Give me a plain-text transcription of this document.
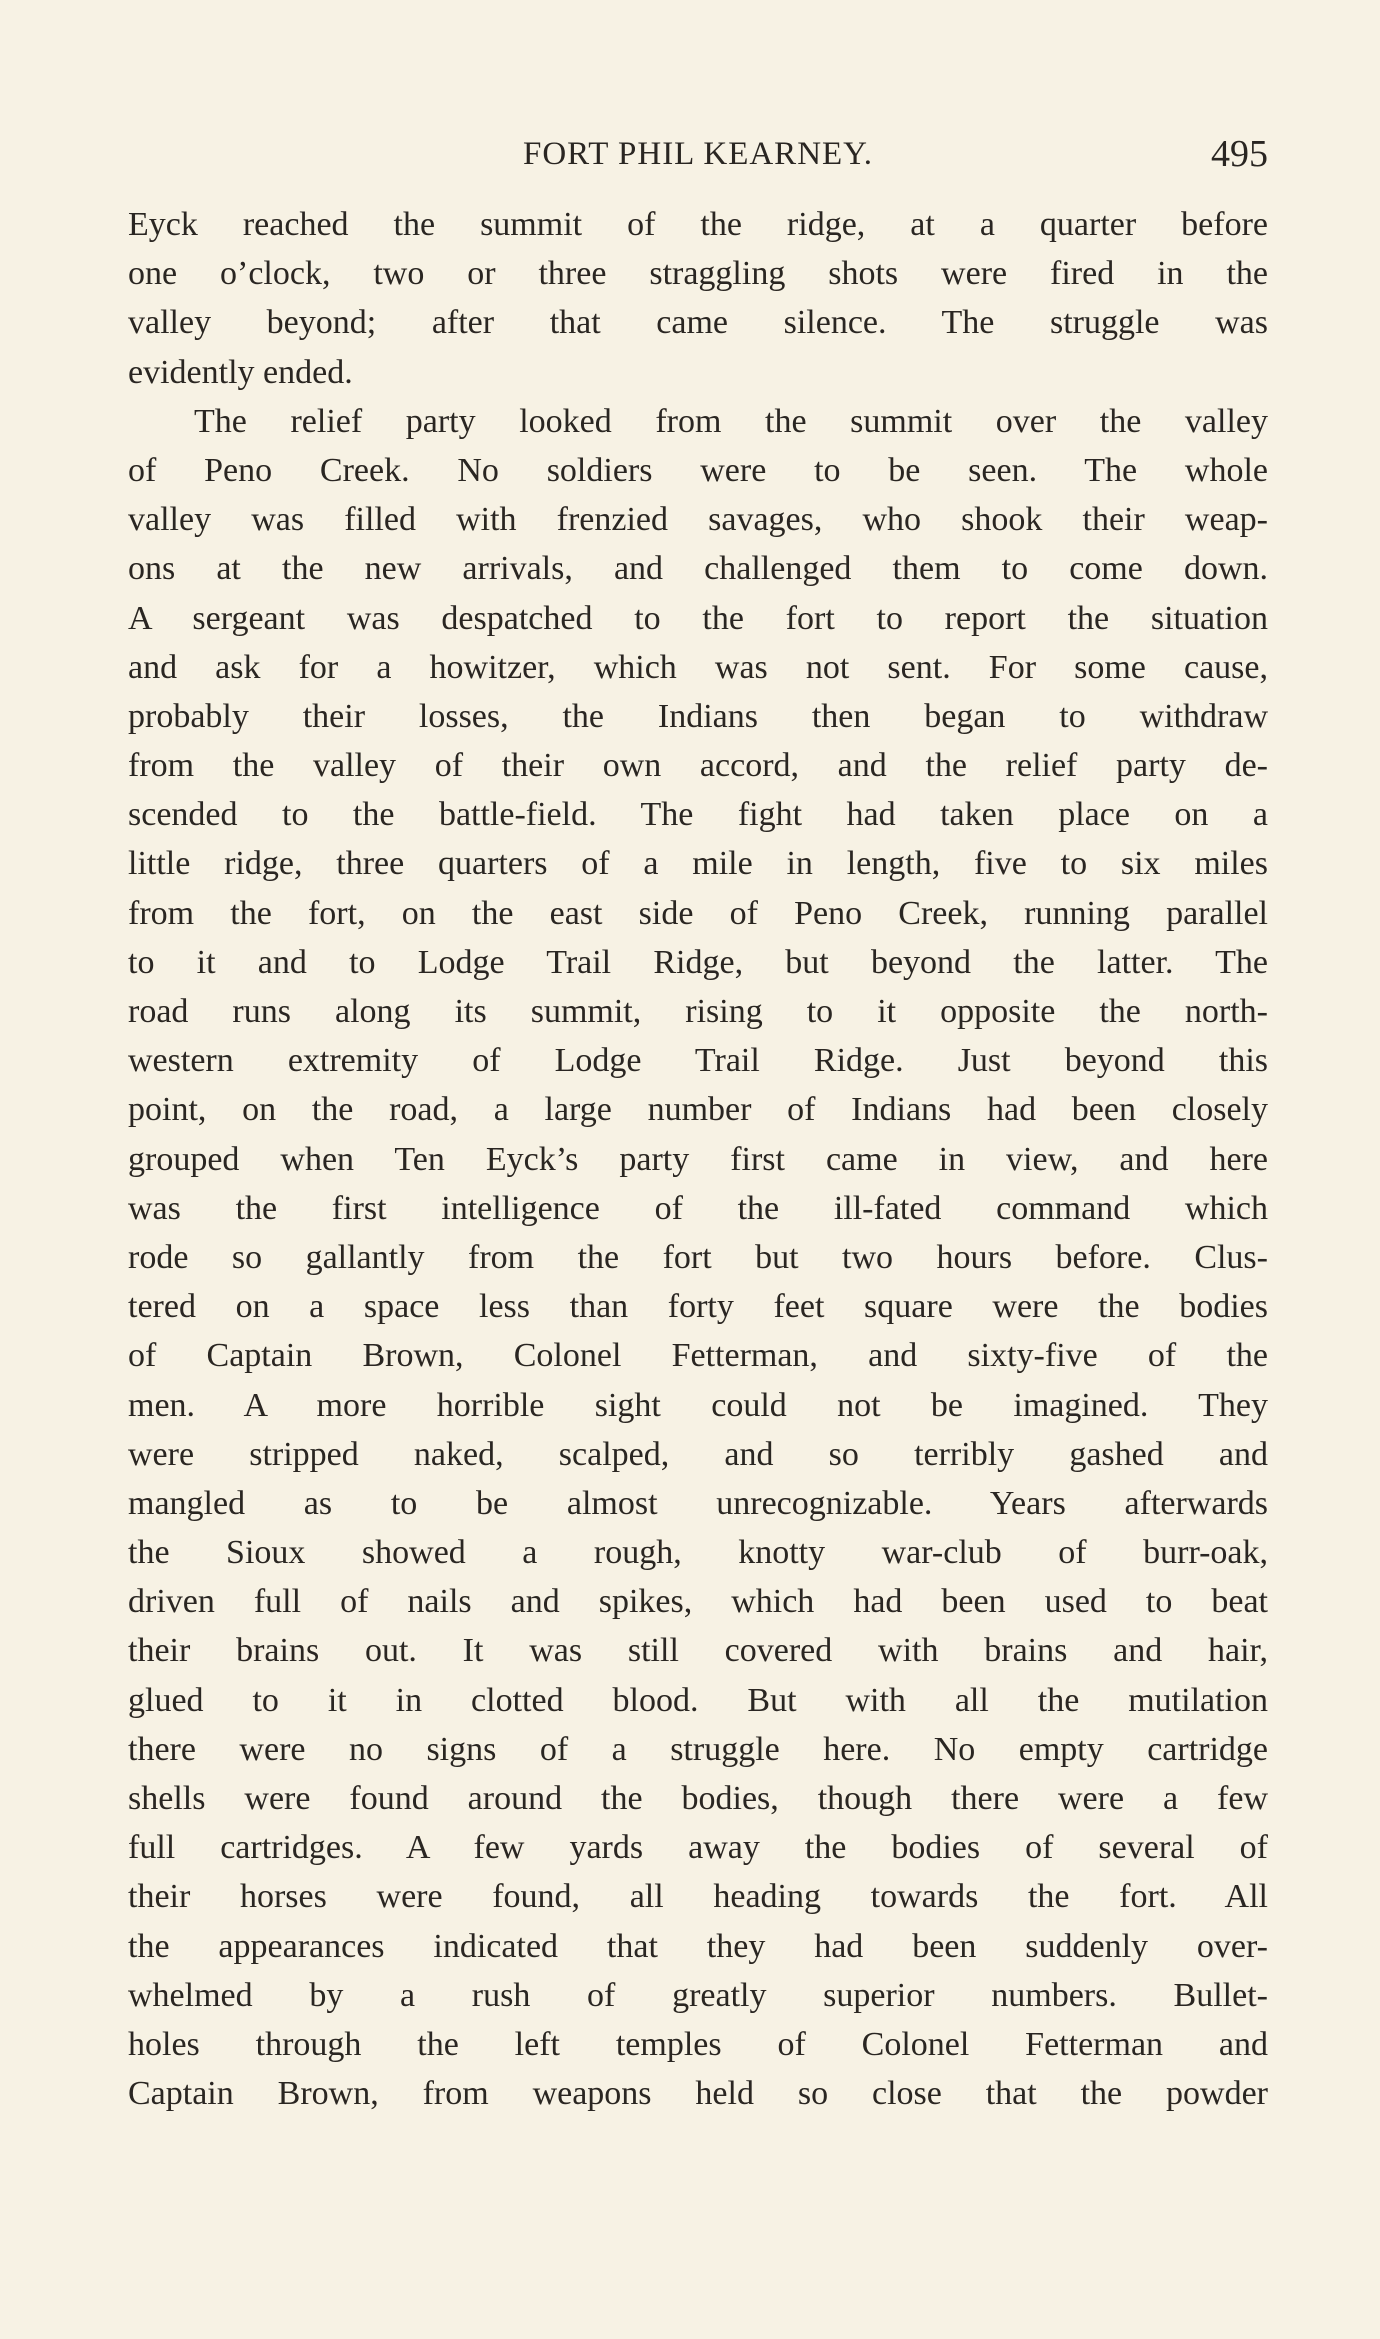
FORT PHIL KEARNEY.	495
Eyck reached the summit of the ridge, at a quarter before
one o’clock, two or three straggling shots were fired in the
valley beyond; after that came silence. The struggle was
evidently ended.
The relief party looked from the summit over the valley
of Peno Creek. No soldiers were to be seen. The whole
valley was filled with frenzied savages, who shook their weap-
ons at the new arrivals, and challenged them to come down.
A sergeant was despatched to the fort to report the situation
and ask for a howitzer, which was not sent. For some cause,
probably their losses, the Indians then began to withdraw
from the valley of their own accord, and the relief party de-
scended to the battle-field. The fight had taken place on a
little ridge, three quarters of a mile in length, five to six miles
from the fort, on the east side of Peno Creek, running parallel
to it and to Lodge Trail Ridge, but beyond the latter. The
road runs along its summit, rising to it opposite the north-
western extremity of Lodge Trail Ridge. Just beyond this
point, on the road, a large number of Indians had been closely
grouped when Ten Eyck’s party first came in view, and here
was the first intelligence of the ill-fated command which
rode so gallantly from the fort but two hours before. Clus-
tered on a space less than forty feet square were the bodies
of Captain Brown, Colonel Fetterman, and sixty-five of the
men. A more horrible sight could not be imagined. They
were stripped naked, scalped, and so terribly gashed and
mangled as to be almost unrecognizable. Years afterwards
the Sioux showed a rough, knotty war-club of burr-oak,
driven full of nails and spikes, which had been used to beat
their brains out. It was still covered with brains and hair,
glued to it in clotted blood. But with all the mutilation
there were no signs of a struggle here. No empty cartridge
shells were found around the bodies, though there were a few
full cartridges. A few yards away the bodies of several of
their horses were found, all heading towards the fort. All
the appearances indicated that they had been suddenly over-
whelmed by a rush of greatly superior numbers. Bullet-
holes through the left temples of Colonel Fetterman and
Captain Brown, from weapons held so close that the powder
